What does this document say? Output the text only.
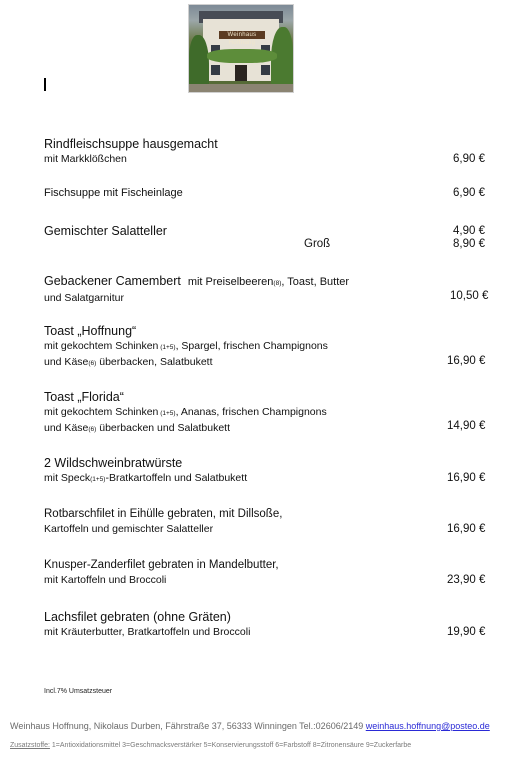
Weinhaus Hoffnung
Rindfleischsuppe hausgemacht
mit Markklößchen	6,90 €
Fischsuppe mit Fischeinlage	6,90 €
Gemischter Salatteller	4,90 €
Groß	8,90 €
Gebackener Camembert mit Preiselbeeren(8), Toast, Butter
und Salatgarnitur	10,50 €
Toast „Hoffnung“
mit gekochtem Schinken (1+5), Spargel, frischen Champignons
und Käse(6) überbacken, Salatbukett	16,90 €
Toast „Florida“
mit gekochtem Schinken (1+5), Ananas, frischen Champignons
und Käse(6) überbacken und Salatbukett	14,90 €
2 Wildschweinbratwürste
mit Speck(1+5)-Bratkartoffeln und Salatbukett	16,90 €
Rotbarschfilet in Eihülle gebraten, mit Dillsoße,
Kartoffeln und gemischter Salatteller	16,90 €
Knusper-Zanderfilet gebraten in Mandelbutter,
mit Kartoffeln und Broccoli	23,90 €
Lachsfilet gebraten (ohne Gräten)
mit Kräuterbutter, Bratkartoffeln und Broccoli	19,90 €
Incl.7% Umsatzsteuer
Weinhaus Hoffnung, Nikolaus Durben, Fährstraße 37, 56333 Winningen Tel.:02606/2149 weinhaus.hoffnung@posteo.de
Zusatzstoffe: 1=Antioxidationsmittel 3=Geschmacksverstärker 5=Konservierungsstoff 6=Farbstoff 8=Zitronensäure 9=Zuckerfarbe
